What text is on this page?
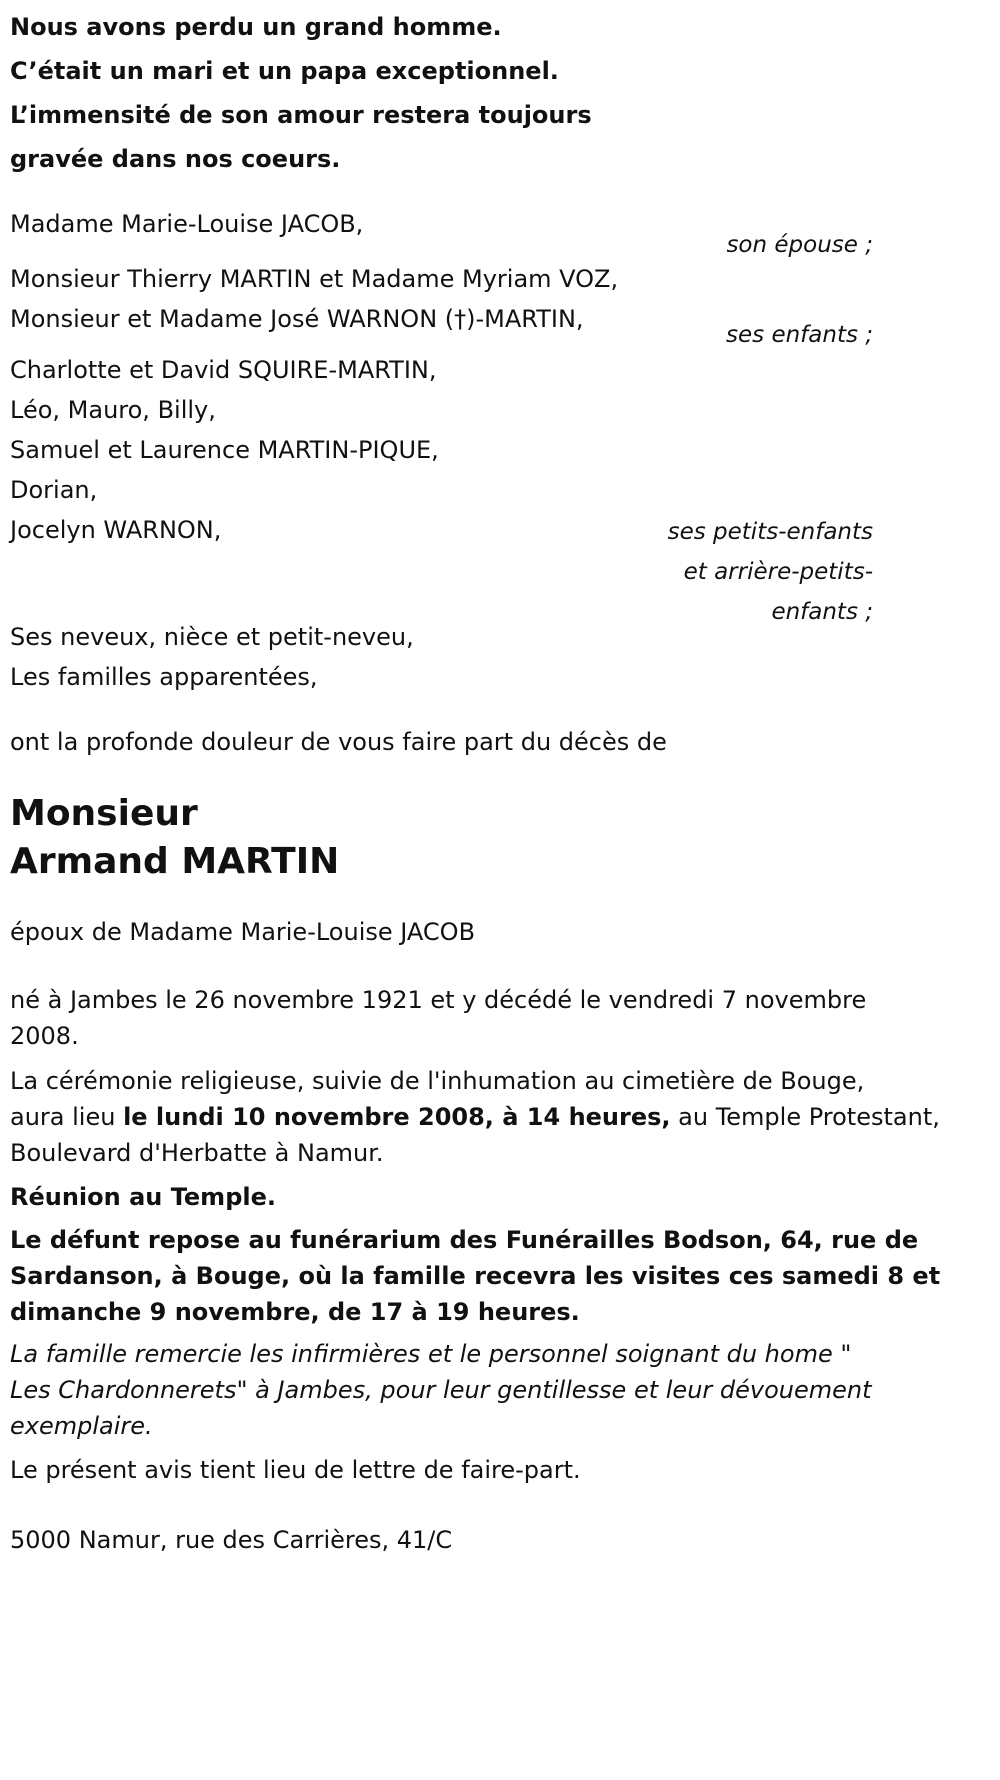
Nous avons perdu un grand homme.
C’était un mari et un papa exceptionnel.
L’immensité de son amour restera toujours
gravée dans nos coeurs.
Madame Marie-Louise JACOB,
son épouse ;
Monsieur Thierry MARTIN et Madame Myriam VOZ,
Monsieur et Madame José WARNON (†)-MARTIN,
ses enfants ;
Charlotte et David SQUIRE-MARTIN,
Léo, Mauro, Billy,
Samuel et Laurence MARTIN-PIQUE,
Dorian,
Jocelyn WARNON,	ses petits-enfants
et arrière-petits-
enfants ;
Ses neveux, nièce et petit-neveu,
Les familles apparentées,
ont la profonde douleur de vous faire part du décès de
Monsieur
Armand MARTIN
époux de Madame Marie-Louise JACOB
né à Jambes le 26 novembre 1921 et y décédé le vendredi 7 novembre
2008.
La cérémonie religieuse, suivie de l'inhumation au cimetière de Bouge,
aura lieu le lundi 10 novembre 2008, à 14 heures, au Temple Protestant,
Boulevard d'Herbatte à Namur.
Réunion au Temple.
Le défunt repose au funérarium des Funérailles Bodson, 64, rue de
Sardanson, à Bouge, où la famille recevra les visites ces samedi 8 et
dimanche 9 novembre, de 17 à 19 heures.
La famille remercie les infirmières et le personnel soignant du home "
Les Chardonnerets" à Jambes, pour leur gentillesse et leur dévouement
exemplaire.
Le présent avis tient lieu de lettre de faire-part.
5000 Namur, rue des Carrières, 41/C
